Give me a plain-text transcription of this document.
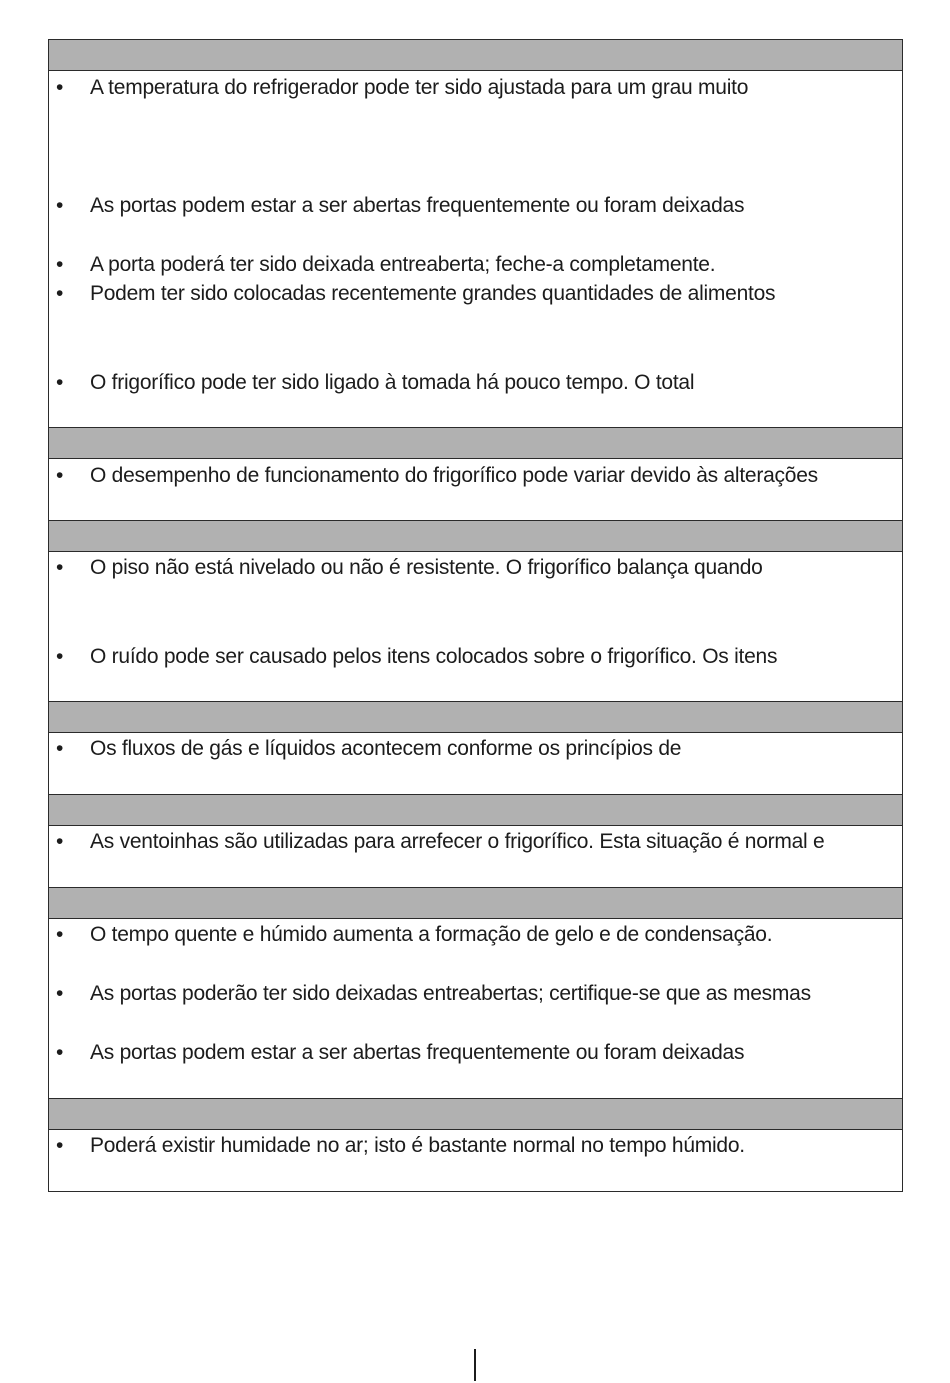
• A temperatura do refrigerador pode ter sido ajustada para um grau muito
• As portas podem estar a ser abertas frequentemente ou foram deixadas
• A porta poderá ter sido deixada entreaberta; feche-a completamente.
• Podem ter sido colocadas recentemente grandes quantidades de alimentos
• O frigorífico pode ter sido ligado à tomada há pouco tempo. O total
• O desempenho de funcionamento do frigorífico pode variar devido às alterações
• O piso não está nivelado ou não é resistente. O frigorífico balança quando
• O ruído pode ser causado pelos itens colocados sobre o frigorífico. Os itens
• Os fluxos de gás e líquidos acontecem conforme os princípios de
• As ventoinhas são utilizadas para arrefecer o frigorífico. Esta situação é normal e
• O tempo quente e húmido aumenta a formação de gelo e de condensação.
• As portas poderão ter sido deixadas entreabertas; certifique-se que as mesmas
• As portas podem estar a ser abertas frequentemente ou foram deixadas
• Poderá existir humidade no ar; isto é bastante normal no tempo húmido.
